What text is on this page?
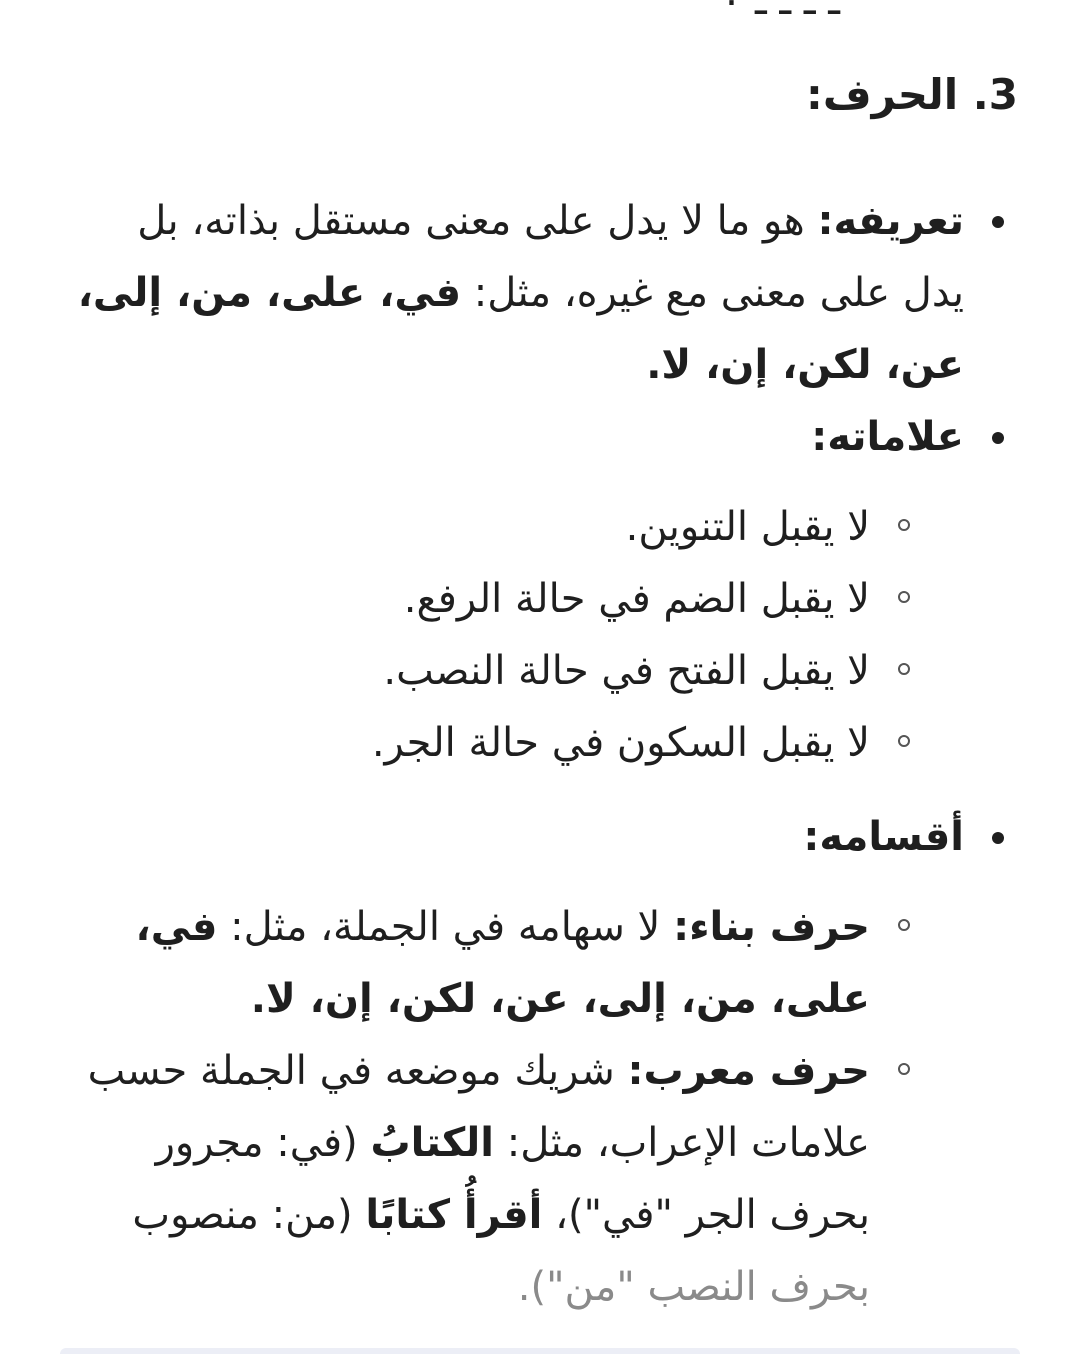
ـ ـ ـ ـ ٠
3. الحرف:
تعريفه: هو ما لا يدل على معنى مستقل بذاته، بل يدل على معنى مع غيره، مثل: في، على، من، إلى، عن، لكن، إن، لا.
علاماته:
لا يقبل التنوين.
لا يقبل الضم في حالة الرفع.
لا يقبل الفتح في حالة النصب.
لا يقبل السكون في حالة الجر.
أقسامه:
حرف بناء: لا سهامه في الجملة، مثل: في، على، من، إلى، عن، لكن، إن، لا.
حرف معرب: شريك موضعه في الجملة حسب علامات الإعراب، مثل: الكتابُ (في: مجرور بحرف الجر "في")، أقرأُ كتابًا (من: منصوب بحرف النصب "من").
